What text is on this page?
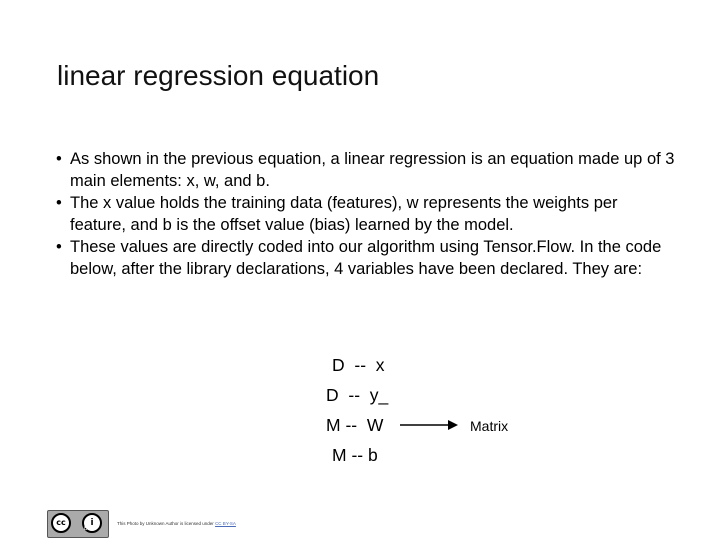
linear regression equation
• As shown in the previous equation, a linear regression is an equation made up of 3 main elements: x, w, and b.
• The x value holds the training data (features), w represents the weights per feature, and b is the offset value (bias) learned by the model.
• These values are directly coded into our algorithm using Tensor.Flow. In the code below, after the library declarations, 4 variables have been declared. They are:
D  --  x
D  --  y_
M --  W
M -- b
Matrix
cc	i
BY
This Photo by Unknown Author is licensed under CC BY-SA
